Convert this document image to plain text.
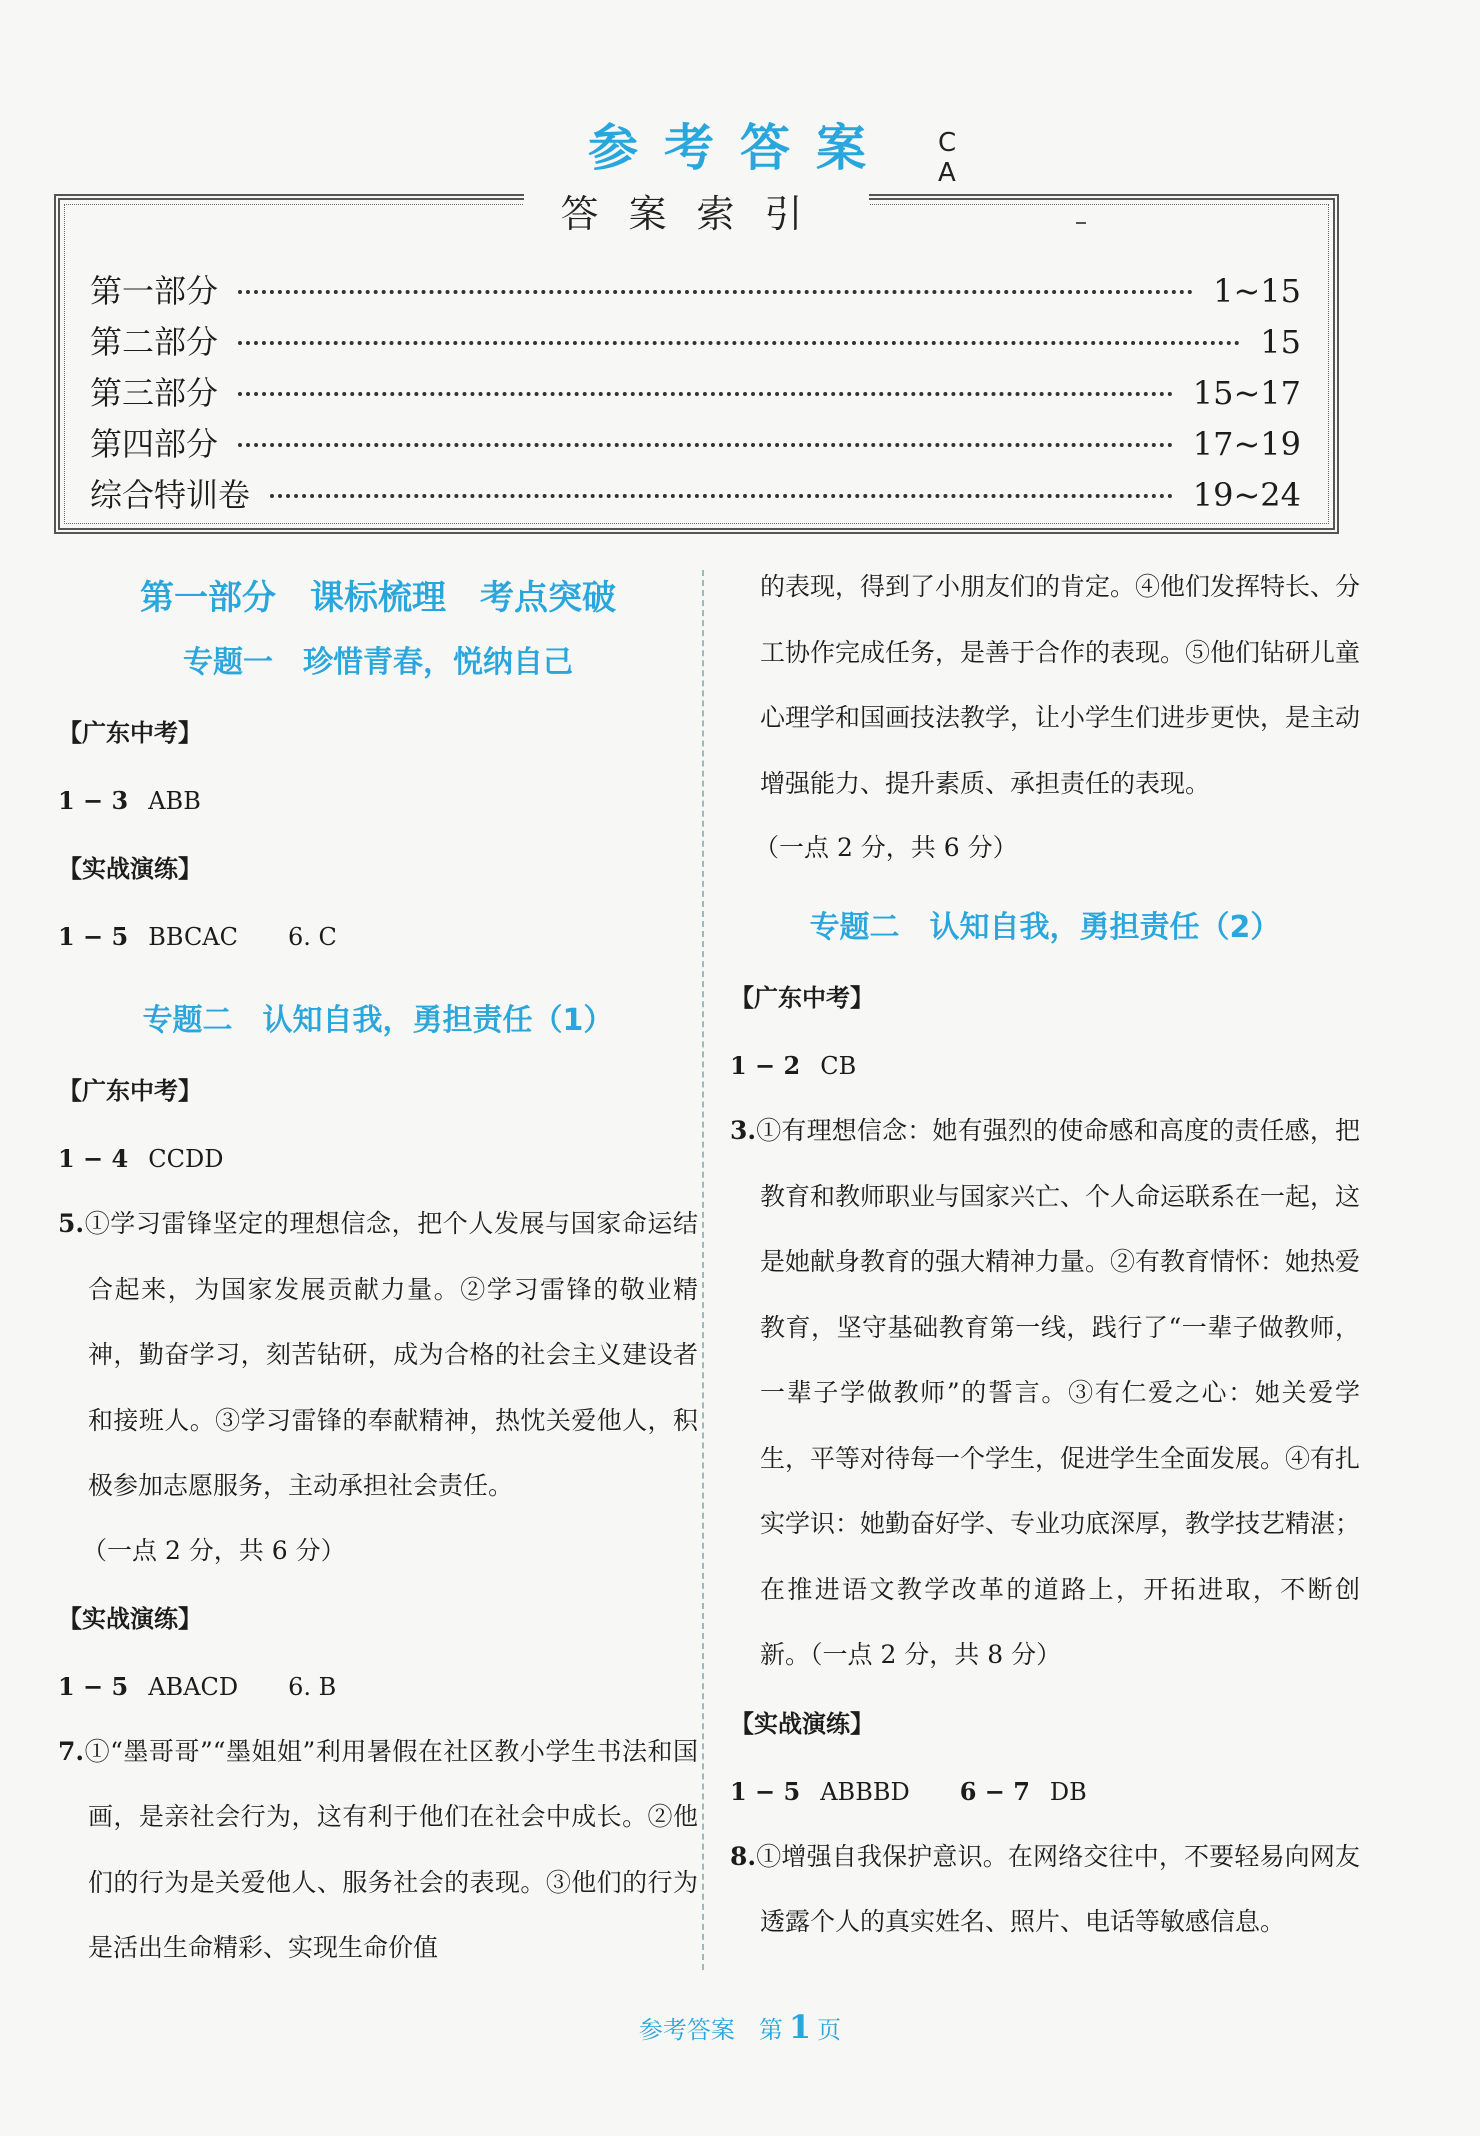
参考答案	C A
答案索引
第一部分	1~15
第二部分	15
第三部分	15~17
第四部分	17~19
综合特训卷	19~24
第一部分　课标梳理　考点突破
专题一　珍惜青春，悦纳自己
【广东中考】
1 − 3 ABB
【实战演练】
1 − 5 BBCAC 6. C
专题二　认知自我，勇担责任（1）
【广东中考】
1 − 4 CCDD
5.①学习雷锋坚定的理想信念，把个人发展与国家命运结合起来，为国家发展贡献力量。②学习雷锋的敬业精神，勤奋学习，刻苦钻研，成为合格的社会主义建设者和接班人。③学习雷锋的奉献精神，热忱关爱他人，积极参加志愿服务，主动承担社会责任。
（一点 2 分，共 6 分）
【实战演练】
1 − 5 ABACD 6. B
7.①“墨哥哥”“墨姐姐”利用暑假在社区教小学生书法和国画，是亲社会行为，这有利于他们在社会中成长。②他们的行为是关爱他人、服务社会的表现。③他们的行为是活出生命精彩、实现生命价值
的表现，得到了小朋友们的肯定。④他们发挥特长、分工协作完成任务，是善于合作的表现。⑤他们钻研儿童心理学和国画技法教学，让小学生们进步更快，是主动增强能力、提升素质、承担责任的表现。
（一点 2 分，共 6 分）
专题二　认知自我，勇担责任（2）
【广东中考】
1 − 2 CB
3.①有理想信念：她有强烈的使命感和高度的责任感，把教育和教师职业与国家兴亡、个人命运联系在一起，这是她献身教育的强大精神力量。②有教育情怀：她热爱教育，坚守基础教育第一线，践行了“一辈子做教师，一辈子学做教师”的誓言。③有仁爱之心：她关爱学生，平等对待每一个学生，促进学生全面发展。④有扎实学识：她勤奋好学、专业功底深厚，教学技艺精湛；在推进语文教学改革的道路上，开拓进取，不断创新。（一点 2 分，共 8 分）
【实战演练】
1 − 5 ABBBD 6 − 7 DB
8.①增强自我保护意识。在网络交往中，不要轻易向网友透露个人的真实姓名、照片、电话等敏感信息。
参考答案　第 1 页
